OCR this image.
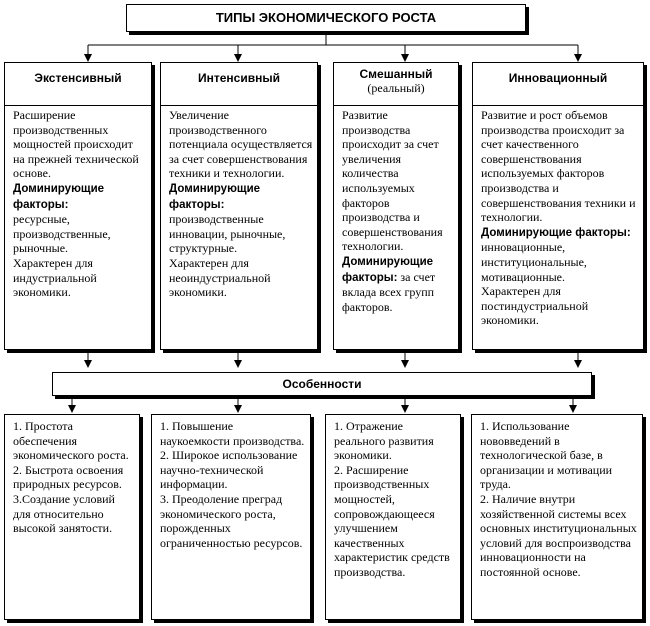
ТИПЫ ЭКОНОМИЧЕСКОГО РОСТА
Экстенсивный
Расширение производственных мощностей происходит на прежней технической основе.
Доминирующие факторы:
ресурсные, производственные, рыночные.
Характерен для индустриальной экономики.
Интенсивный
Увеличение производственного потенциала осуществляется за счет совершенствования техники и технологии.
Доминирующие факторы:
производственные инновации, рыночные, структурные.
Характерен для неоиндустриальной экономики.
Смешанный
(реальный)
Развитие производства происходит за счет увеличения количества используемых факторов производства и совершенствования технологии.
Доминирующие факторы: за счет вклада всех групп факторов.
Инновационный
Развитие и рост объемов производства происходит за счет качественного совершенствования используемых факторов производства и совершенствования техники и технологии.
Доминирующие факторы: инновационные, институциональные, мотивационные.
Характерен для постиндустриальной экономики.
Особенности
1. Простота обеспечения экономического роста.
2. Быстрота освоения природных ресурсов.
3.Создание условий для относительно высокой занятости.
1. Повышение наукоемкости производства.
2. Широкое использование научно-технической информации.
3. Преодоление преград экономического роста, порожденных ограниченностью ресурсов.
1. Отражение реального развития экономики.
2. Расширение производственных мощностей, сопровождающееся улучшением качественных характеристик средств производства.
1. Использование нововведений в технологической базе, в организации и мотивации труда.
2. Наличие внутри хозяйственной системы всех основных институциональных условий для воспроизводства инновационности на постоянной основе.
